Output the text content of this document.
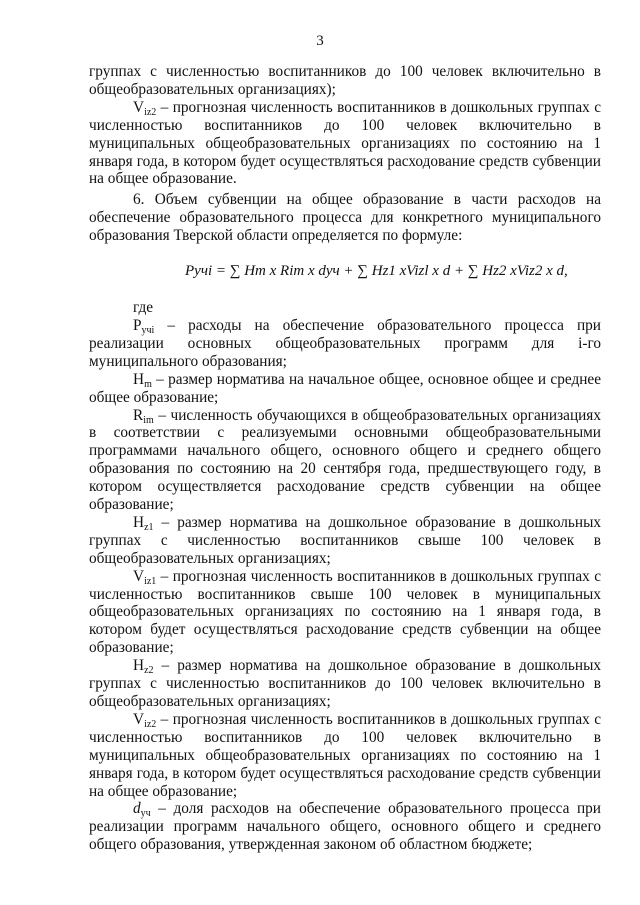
3

группах с численностью воспитанников до 100 человек включительно в общеобразовательных организациях);

$V_{iz2}$ – прогнозная численность воспитанников в дошкольных группах с численностью воспитанников до 100 человек включительно в муниципальных общеобразовательных организациях по состоянию на 1 января года, в котором будет осуществляться расходование средств субвенции на общее образование.

6. Объем субвенции на общее образование в части расходов на обеспечение образовательного процесса для конкретного муниципального образования Тверской области определяется по формуле:

Pучi = ∑ Hm x Rim x dуч + ∑ Hz1 xVizl x d + ∑ Hz2 xViz2 x d,

где

$P_{учi}$ – расходы на обеспечение образовательного процесса при реализации основных общеобразовательных программ для i-го муниципального образования;

$H_m$ – размер норматива на начальное общее, основное общее и среднее общее образование;

$R_{im}$ – численность обучающихся в общеобразовательных организациях в соответствии с реализуемыми основными общеобразовательными программами начального общего, основного общего и среднего общего образования по состоянию на 20 сентября года, предшествующего году, в котором осуществляется расходование средств субвенции на общее образование;

$H_{z1}$ – размер норматива на дошкольное образование в дошкольных группах с численностью воспитанников свыше 100 человек в общеобразовательных организациях;

$V_{iz1}$ – прогнозная численность воспитанников в дошкольных группах с численностью воспитанников свыше 100 человек в муниципальных общеобразовательных организациях по состоянию на 1 января года, в котором будет осуществляться расходование средств субвенции на общее образование;

$H_{z2}$ – размер норматива на дошкольное образование в дошкольных группах с численностью воспитанников до 100 человек включительно в общеобразовательных организациях;

$V_{iz2}$ – прогнозная численность воспитанников в дошкольных группах с численностью воспитанников до 100 человек включительно в муниципальных общеобразовательных организациях по состоянию на 1 января года, в котором будет осуществляться расходование средств субвенции на общее образование;

$d_{уч}$ – доля расходов на обеспечение образовательного процесса при реализации программ начального общего, основного общего и среднего общего образования, утвержденная законом об областном бюджете;
